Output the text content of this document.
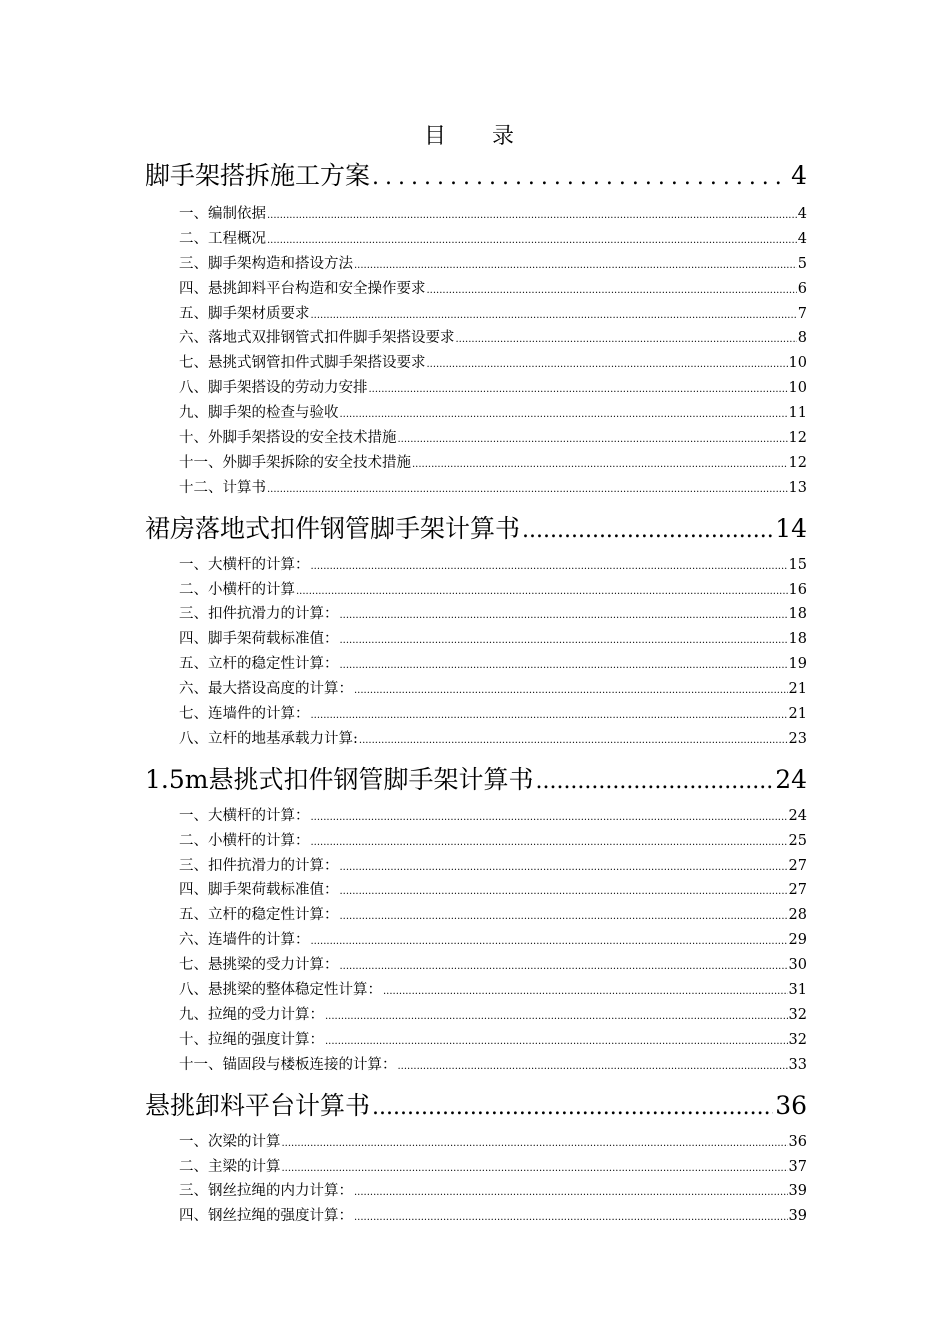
目　录
脚手架搭拆施工方案 .....	4
一、编制依据 .....	4
二、工程概况 .....	4
三、脚手架构造和搭设方法 .....	5
四、悬挑卸料平台构造和安全操作要求 .....	6
五、脚手架材质要求 .....	7
六、落地式双排钢管式扣件脚手架搭设要求 .....	8
七、悬挑式钢管扣件式脚手架搭设要求 .....	10
八、脚手架搭设的劳动力安排 .....	10
九、脚手架的检查与验收 .....	11
十、外脚手架搭设的安全技术措施 .....	12
十一、外脚手架拆除的安全技术措施 .....	12
十二、计算书 .....	13
裙房落地式扣件钢管脚手架计算书 .....	14
一、大横杆的计算： .....	15
二、小横杆的计算 .....	16
三、扣件抗滑力的计算： .....	18
四、脚手架荷载标准值： .....	18
五、立杆的稳定性计算： .....	19
六、最大搭设高度的计算： .....	21
七、连墙件的计算： .....	21
八、立杆的地基承载力计算: .....	23
1.5m悬挑式扣件钢管脚手架计算书 .....	24
一、大横杆的计算： .....	24
二、小横杆的计算： .....	25
三、扣件抗滑力的计算： .....	27
四、脚手架荷载标准值： .....	27
五、立杆的稳定性计算： .....	28
六、连墙件的计算： .....	29
七、悬挑梁的受力计算： .....	30
八、悬挑梁的整体稳定性计算： .....	31
九、拉绳的受力计算： .....	32
十、拉绳的强度计算： .....	32
十一、锚固段与楼板连接的计算： .....	33
悬挑卸料平台计算书 .....	36
一、次梁的计算 .....	36
二、主梁的计算 .....	37
三、钢丝拉绳的内力计算： .....	39
四、钢丝拉绳的强度计算： .....	39
